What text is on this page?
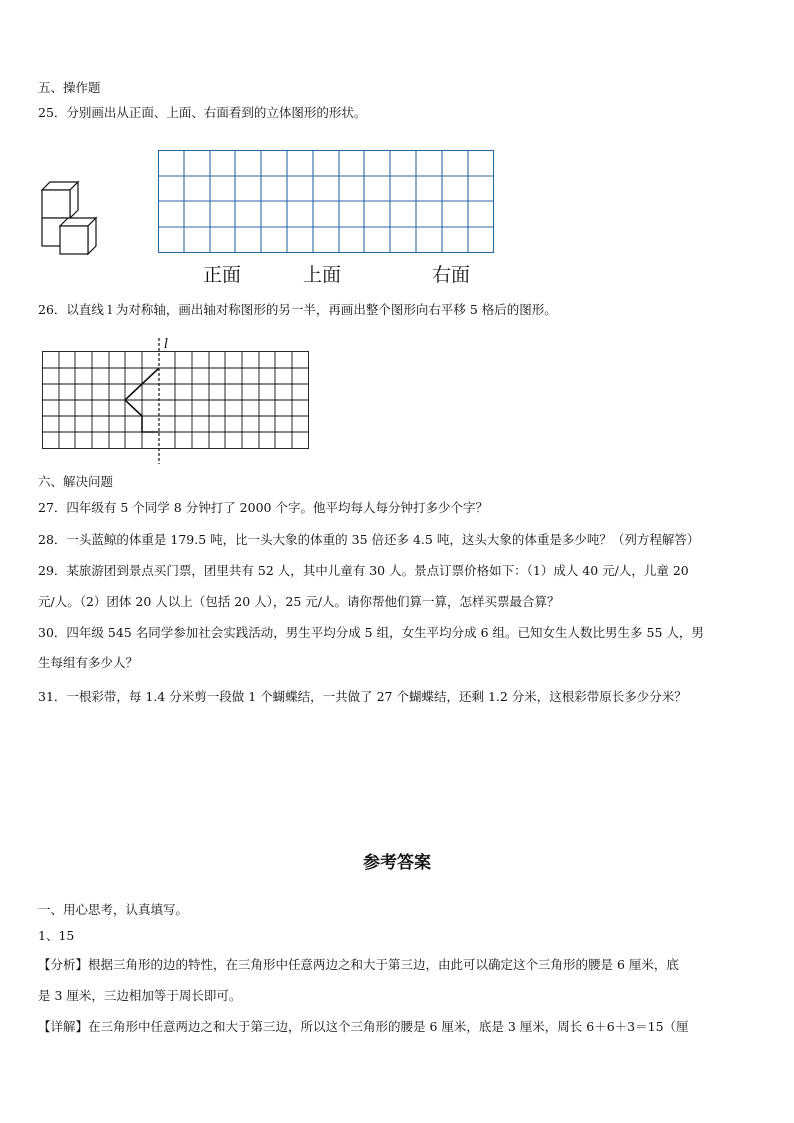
五、操作题
25．分别画出从正面、上面、右面看到的立体图形的形状。
正面	上面	右面
26．以直线 l 为对称轴，画出轴对称图形的另一半，再画出整个图形向右平移 5 格后的图形。
l
六、解决问题
27．四年级有 5 个同学 8 分钟打了 2000 个字。他平均每人每分钟打多少个字？
28．一头蓝鲸的体重是 179.5 吨，比一头大象的体重的 35 倍还多 4.5 吨，这头大象的体重是多少吨？（列方程解答）
29．某旅游团到景点买门票，团里共有 52 人，其中儿童有 30 人。景点订票价格如下：（1）成人 40 元/人，儿童 20
元/人。（2）团体 20 人以上（包括 20 人），25 元/人。请你帮他们算一算，怎样买票最合算？
30．四年级 545 名同学参加社会实践活动，男生平均分成 5 组，女生平均分成 6 组。已知女生人数比男生多 55 人，男
生每组有多少人？
31．一根彩带，每 1.4 分米剪一段做 1 个蝴蝶结，一共做了 27 个蝴蝶结，还剩 1.2 分米，这根彩带原长多少分米？
参考答案
一、用心思考，认真填写。
1、15
【分析】根据三角形的边的特性，在三角形中任意两边之和大于第三边，由此可以确定这个三角形的腰是 6 厘米，底
是 3 厘米，三边相加等于周长即可。
【详解】在三角形中任意两边之和大于第三边，所以这个三角形的腰是 6 厘米，底是 3 厘米，周长 6＋6＋3＝15（厘
